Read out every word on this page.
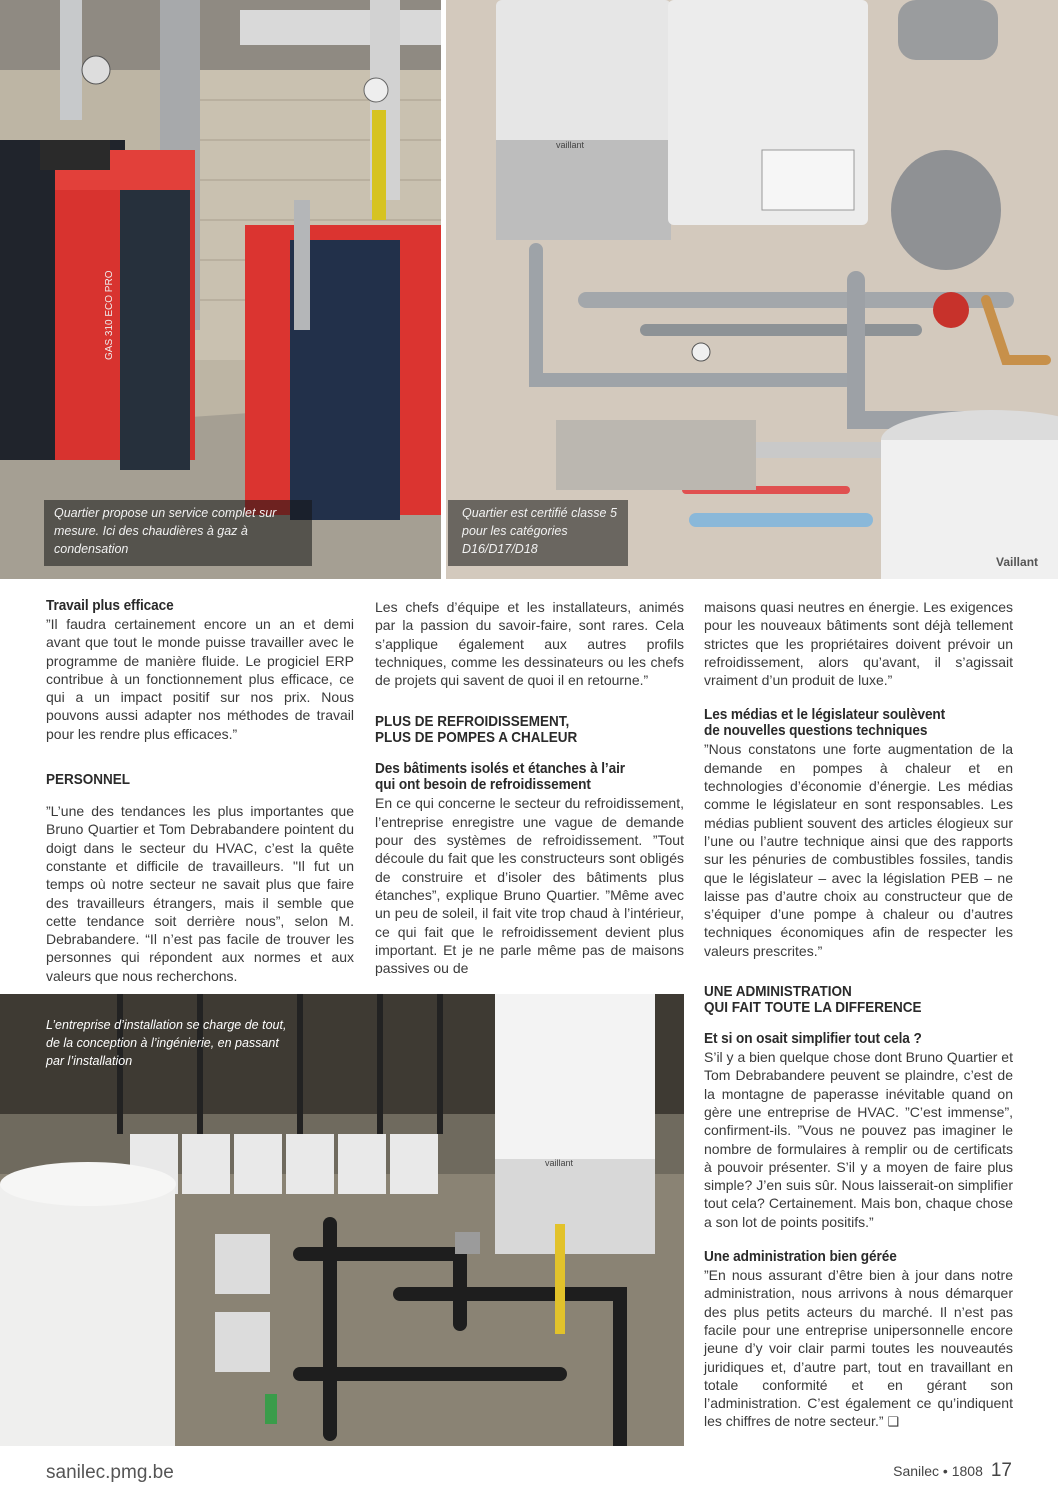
GAS 310 ECO PRO
Quartier propose un service complet sur mesure. Ici des chaudières à gaz à condensation
vaillant
Vaillant
Quartier est certifié classe 5 pour les catégories D16/D17/D18
vaillant
L’entreprise d’installation se charge de tout, de la conception à l’ingénierie, en passant par l’installation
Travail plus efficace

”Il faudra certainement encore un an et demi avant que tout le monde puisse travailler avec le programme de manière fluide. Le progiciel ERP contribue à un fonctionnement plus efficace, ce qui a un impact positif sur nos prix. Nous pouvons aussi adapter nos méthodes de travail pour les rendre plus efficaces.”

PERSONNEL

”L’une des tendances les plus importantes que Bruno Quartier et Tom Debrabandere pointent du doigt dans le secteur du HVAC, c’est la quête constante et difficile de travailleurs. "Il fut un temps où notre secteur ne savait plus que faire des travailleurs étrangers, mais il semble que cette tendance soit derrière nous”, selon M. Debrabandere. “Il n’est pas facile de trouver les personnes qui répondent aux normes et aux valeurs que nous recherchons.

Les chefs d’équipe et les installateurs, animés par la passion du savoir-faire, sont rares. Cela s’applique également aux autres profils techniques, comme les dessinateurs ou les chefs de projets qui savent de quoi il en retourne.”

PLUS DE REFROIDISSEMENT,
PLUS DE POMPES A CHALEUR
Des bâtiments isolés et étanches à l’air
qui ont besoin de refroidissement

En ce qui concerne le secteur du refroidissement, l’entreprise enregistre une vague de demande pour des systèmes de refroidissement. ”Tout découle du fait que les constructeurs sont obligés de construire et d’isoler des bâtiments plus étanches”, explique Bruno Quartier. ”Même avec un peu de soleil, il fait vite trop chaud à l’intérieur, ce qui fait que le refroidissement devient plus important. Et je ne parle même pas de maisons passives ou de

maisons quasi neutres en énergie. Les exigences pour les nouveaux bâtiments sont déjà tellement strictes que les propriétaires doivent prévoir un refroidissement, alors qu’avant, il s’agissait vraiment d’un produit de luxe.”

Les médias et le législateur soulèvent
de nouvelles questions techniques

”Nous constatons une forte augmentation de la demande en pompes à chaleur et en technologies d’économie d’énergie. Les médias comme le législateur en sont responsables. Les médias publient souvent des articles élogieux sur l’une ou l’autre technique ainsi que des rapports sur les pénuries de combustibles fossiles, tandis que le législateur – avec la législation PEB – ne laisse pas d’autre choix au constructeur que de s’équiper d’une pompe à chaleur ou d’autres techniques économiques afin de respecter les valeurs prescrites.”

UNE ADMINISTRATION
QUI FAIT TOUTE LA DIFFERENCE
Et si on osait simplifier tout cela ?

S’il y a bien quelque chose dont Bruno Quartier et Tom Debrabandere peuvent se plaindre, c’est de la montagne de paperasse inévitable quand on gère une entreprise de HVAC. ”C’est immense”, confirment-ils. ”Vous ne pouvez pas imaginer le nombre de formulaires à remplir ou de certificats à pouvoir présenter. S’il y a moyen de faire plus simple? J’en suis sûr. Nous laisserait-on simplifier tout cela? Certainement. Mais bon, chaque chose a son lot de points positifs.”

Une administration bien gérée

”En nous assurant d’être bien à jour dans notre administration, nous arrivons à nous démarquer des plus petits acteurs du marché. Il n’est pas facile pour une entreprise unipersonnelle encore jeune d’y voir clair parmi toutes les nouveautés juridiques et, d’autre part, tout en travaillant en totale conformité et en gérant son l’administration. C’est également ce qu’indiquent les chiffres de notre secteur.” ❑

sanilec.pmg.be	Sanilec • 1808 17
